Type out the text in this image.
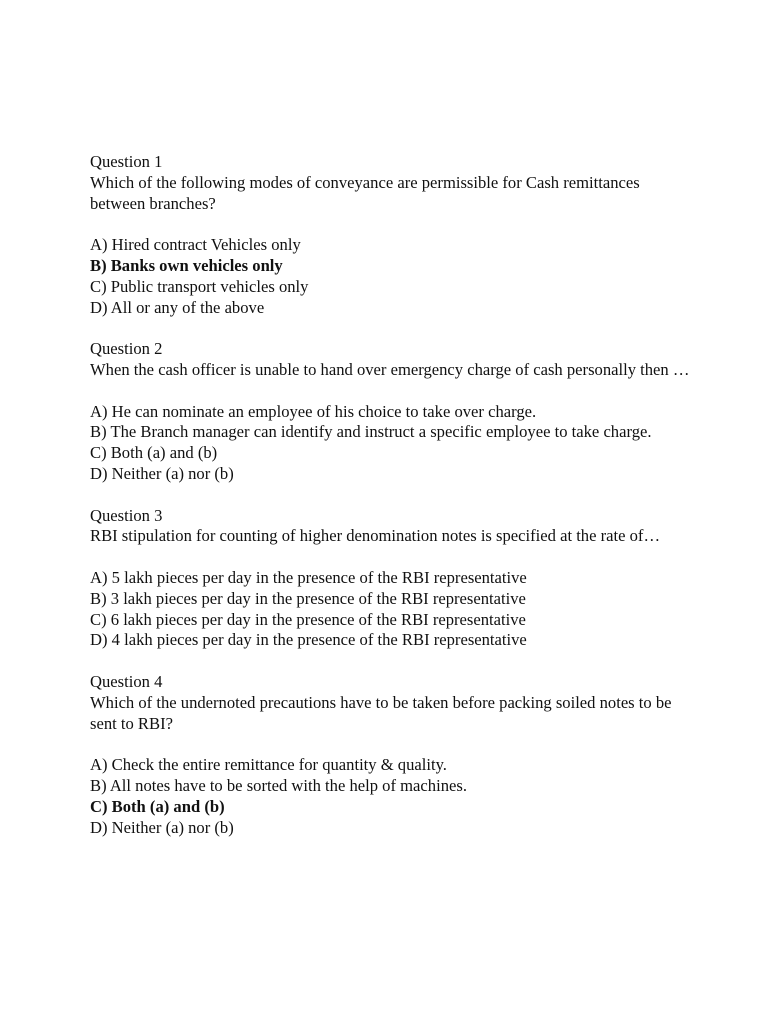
Question 1
Which of the following modes of conveyance are permissible for Cash remittances between branches?
A) Hired contract Vehicles only
B) Banks own vehicles only
C) Public transport vehicles only
D) All or any of the above
Question 2
When the cash officer is unable to hand over emergency charge of cash personally then …
A) He can nominate an employee of his choice to take over charge.
B) The Branch manager can identify and instruct a specific employee to take charge.
C) Both (a) and (b)
D) Neither (a) nor (b)
Question 3
RBI stipulation for counting of higher denomination notes is specified at the rate of…
A) 5 lakh pieces per day in the presence of the RBI representative
B) 3 lakh pieces per day in the presence of the RBI representative
C) 6 lakh pieces per day in the presence of the RBI representative
D) 4 lakh pieces per day in the presence of the RBI representative
Question 4
Which of the undernoted precautions have to be taken before packing soiled notes to be sent to RBI?
A) Check the entire remittance for quantity & quality.
B) All notes have to be sorted with the help of machines.
C) Both (a) and (b)
D) Neither (a) nor (b)
